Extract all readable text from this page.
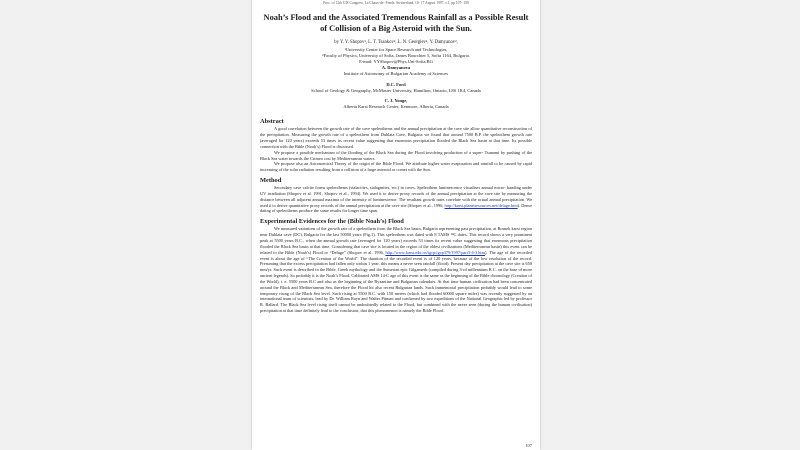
Proc. of 12th UIS Congress, La Chaux-de- Fonds, Switzerland, 10- 17 August 1997, v.1, pp 107- 109
Noah’s Flood and the Associated Tremendous Rainfall as a Possible Result of Collision of a Big Asteroid with the Sun.
by Y. Y. Shopov¹, L. T. Tsankov², L. N. Georgiev², Y. Damyanov²,
¹University Center for Space Research and Technologies,
²Faculty of Physics, University of Sofia, James Bourchier 5, Sofia 1164, Bulgaria.
E-mail: YYShopov@Phys.Uni-Sofia.BG
A. Damyanova
Institute of Astronomy of Bulgarian Academy of Sciences
D.C. Ford
School of Geology & Geography, McMaster University, Hamilton, Ontario, L8S 1K4, Canada
C. J. Yonge,
Alberta Karst Research Center, Kenmore, Alberta, Canada
Abstract

A good correlation between the growth rate of the cave speleothems and the annual precipitation at the cave site allow quantitative reconstruction of the precipitation. Measuring the growth rate of a speleothem from Duhlata Cave, Bulgaria we found that around 7500 B.P. the speleothem growth rate (averaged for 120 years) exceeds 53 times its recent value suggesting that enormous precipitation flooded the Black Sea basin at that time. Its possible connection with the Bible (Noah’s) Flood is discussed.

We propose a possible mechanism of the flooding of the Black Sea during the Flood involving production of a super- Tsunami by pushing of the Black Sea water towards the Crimea cost by Mediterranean waters.

We propose also an Astronomical Theory of the origin of the Bible Flood. We attribute higher water evaporation and rainfall to be caused by rapid increasing of the solar radiation resulting from a collision of a large asteroid or comet with the Sun.

Method

Secondary cave calcite forms speleothems (stalactites, stalagmites, etc.) in caves. Speleothem luminescence visualises annual micro- banding under UV irradiation (Shopov et al. 1991, Shopov et al., 1994). We used it to derive proxy records of the annual precipitation at the cave site by measuring the distance between all adjacent annual maxima of the intensity of luminescence. The resultant growth rates correlate with the actual annual precipitation. We used it to derive quantitative proxy records of the annual precipitation at the cave site (Shopov et al., 1996, http://karst.planetresources.net/deluge.htm). Dense dating of speleothems produce the same results for longer time span.

Experimental Evidences for the (Bible Noah’s) Flood

We measured variations of the growth rate of a speleothem from the Black Sea basin, Bulgaria representing past precipitation, at Bosnek karst region near Duhlata cave (DC), Bulgaria for the last 50000 years (Fig.1). This speleothem was dated with 8 TAMS ¹⁴C dates. This record shows a very prominent peak at 5500 years B.C., when the annual growth rate (averaged for 120 years) exceeds 53 times its recent value suggesting that enormous precipitation flooded the Black Sea basin at that time. Considering that cave site is located in the region of the oldest civilizations (Mediterranean basin) this event can be related to the Bible (Noah’s) Flood or “Deluge” (Shopov et al. 1996, http://www.karst.edu.cn/igcp/igcp379/1997/part3-4-3.htm). The age of the recorded event is about the age of “The Creation of the World”. The duration of the recorded event is of 120 years, because of the low resolution of the record. Presuming that the excess precipitation had fallen only within 1 year, this means a never seen rainfall (flood). Present day precipitation at the cave site is 650 mm/yr. Such event is described in the Bible, Greek mythology and the Sumerian epic Gilgamesh (compiled during 3-rd millennium B.C. on the base of more ancient legends). So probably it is the Noah’s Flood. Calibrated AMS 14-C age of this event is the same as the beginning of the Bible chronology (Creation of the World), i. e. 5500 years B.C and also as the beginning of the Byzantine and Bulgarian calendars. At that time human civilisation had been concentrated around the Black and Mediterranean Sea, therefore the Flood hit also recent Bulgarian lands. Such immemorial precipitation probably would lead to some temporary rising of the Black Sea level. Such rising at 5500 B.C. with 150 meters (which had flooded 60000 square miles) was recently suggested by an international team of scientists, lead by Dr. William Rayn and Walter Pitman and confirmed by two expeditions of the National Geographic led by professor R. Ballard. The Black Sea level rising itself cannot be undoubtedly related to the Flood, but combined with the never seen (during the human civilisation) precipitation at that time definitely lead to the conclusion, that this phenomenon is namely the Bible Flood.

107
